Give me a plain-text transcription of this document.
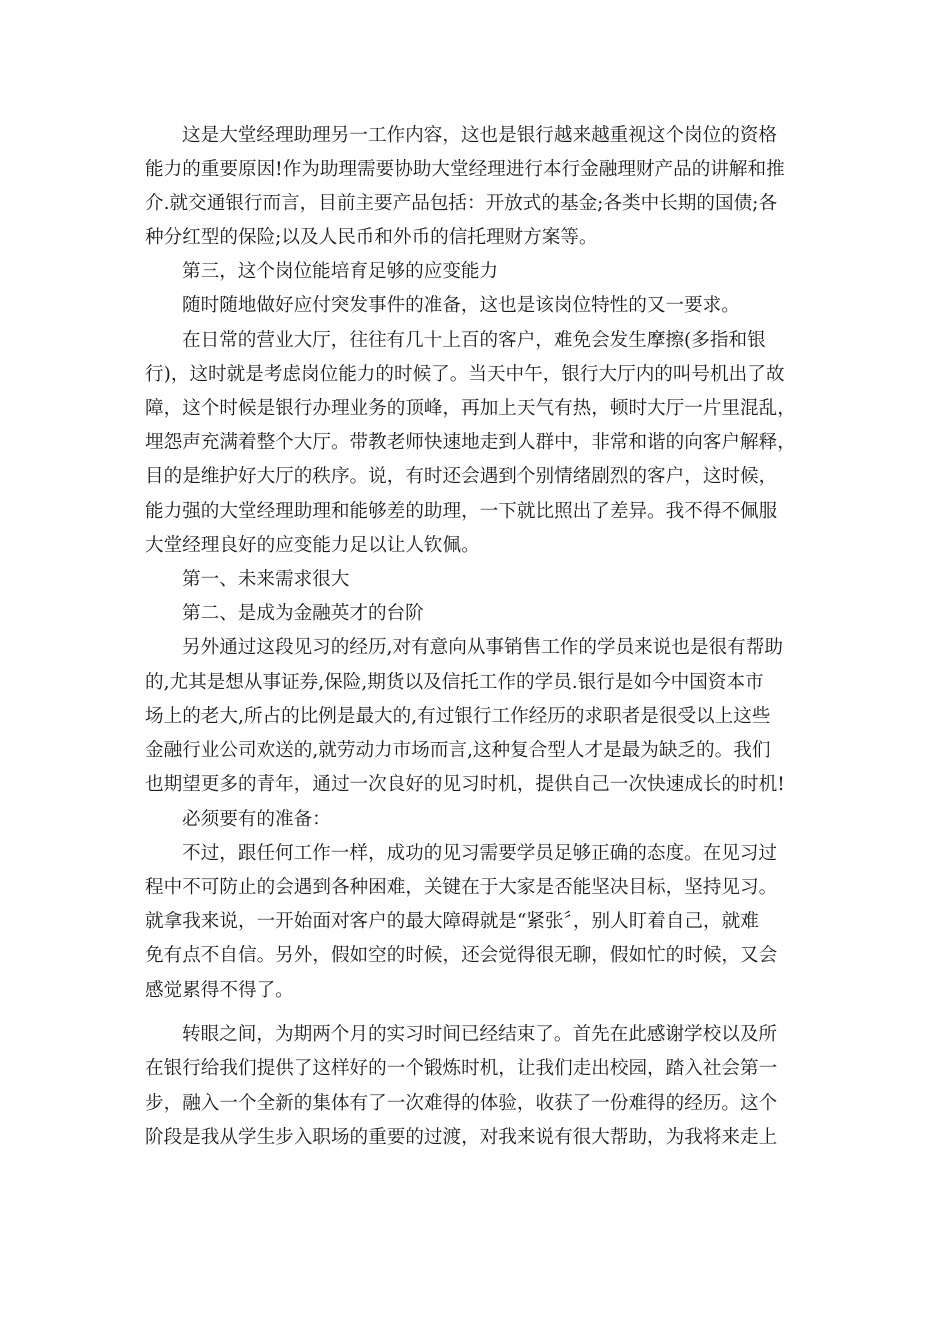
这是大堂经理助理另一工作内容，这也是银行越来越重视这个岗位的资格
能力的重要原因!作为助理需要协助大堂经理进行本行金融理财产品的讲解和推
介.就交通银行而言，目前主要产品包括：开放式的基金;各类中长期的国债;各
种分红型的保险;以及人民币和外币的信托理财方案等。
第三，这个岗位能培育足够的应变能力
随时随地做好应付突发事件的准备，这也是该岗位特性的又一要求。
在日常的营业大厅，往往有几十上百的客户，难免会发生摩擦(多指和银
行)，这时就是考虑岗位能力的时候了。当天中午，银行大厅内的叫号机出了故
障，这个时候是银行办理业务的顶峰，再加上天气有热，顿时大厅一片里混乱，
埋怨声充满着整个大厅。带教老师快速地走到人群中，非常和谐的向客户解释，
目的是维护好大厅的秩序。说，有时还会遇到个别情绪剧烈的客户，这时候，
能力强的大堂经理助理和能够差的助理，一下就比照出了差异。我不得不佩服
大堂经理良好的应变能力足以让人钦佩。
第一、未来需求很大
第二、是成为金融英才的台阶
另外通过这段见习的经历,对有意向从事销售工作的学员来说也是很有帮助
的,尤其是想从事证券,保险,期货以及信托工作的学员.银行是如今中国资本市
场上的老大,所占的比例是最大的,有过银行工作经历的求职者是很受以上这些
金融行业公司欢送的,就劳动力市场而言,这种复合型人才是最为缺乏的。我们
也期望更多的青年，通过一次良好的见习时机，提供自己一次快速成长的时机!
必须要有的准备：
不过，跟任何工作一样，成功的见习需要学员足够正确的态度。在见习过
程中不可防止的会遇到各种困难，关键在于大家是否能坚决目标，坚持见习。
就拿我来说，一开始面对客户的最大障碍就是“紧张〞，别人盯着自己，就难
免有点不自信。另外，假如空的时候，还会觉得很无聊，假如忙的时候，又会
感觉累得不得了。
转眼之间，为期两个月的实习时间已经结束了。首先在此感谢学校以及所
在银行给我们提供了这样好的一个锻炼时机，让我们走出校园，踏入社会第一
步，融入一个全新的集体有了一次难得的体验，收获了一份难得的经历。这个
阶段是我从学生步入职场的重要的过渡，对我来说有很大帮助，为我将来走上
